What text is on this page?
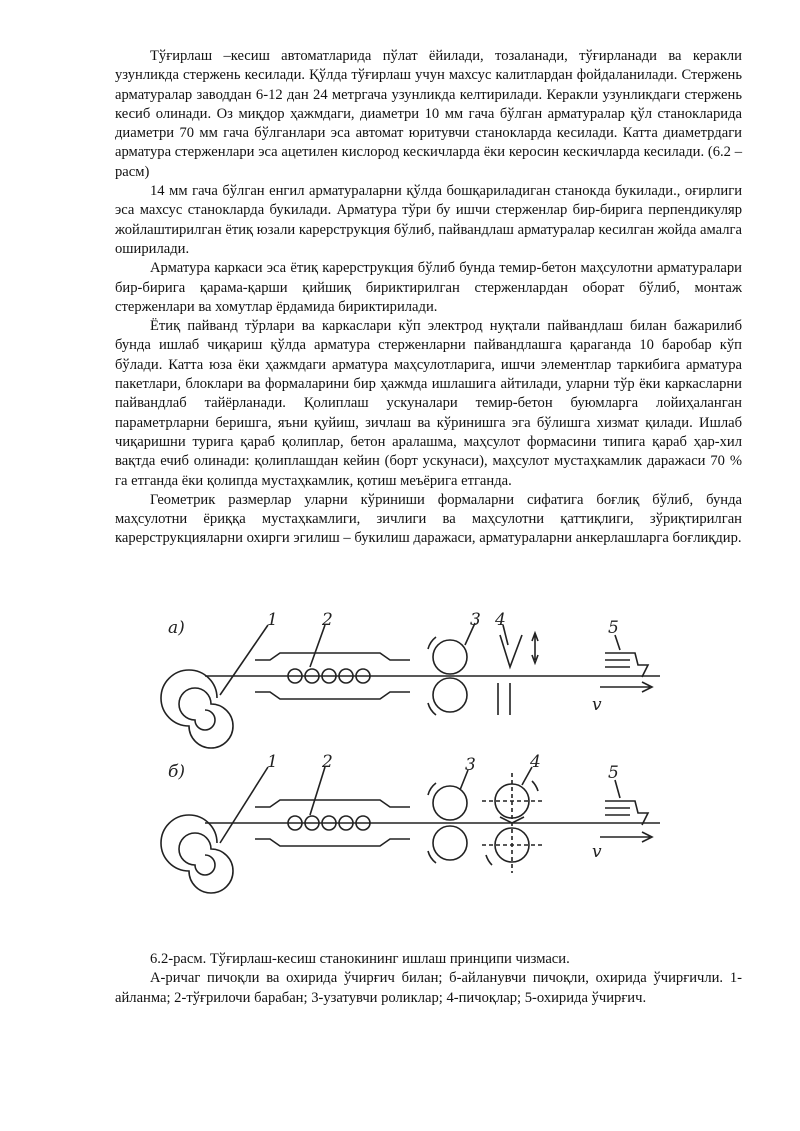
Тўғирлаш –кесиш автоматларида пўлат ёйилади, тозаланади, тўғирланади ва керакли узунликда стержень кесилади. Қўлда тўғирлаш учун махсус калитлардан фойдаланилади. Стержень арматуралар заводдан 6-12 дан 24 метргача узунликда келтирилади. Керакли узунликдаги стержень кесиб олинади. Оз миқдор ҳажмдаги, диаметри 10 мм гача бўлган арматуралар қўл станокларида диаметри 70 мм гача бўлганлари эса автомат юритувчи станокларда кесилади. Катта диаметрдаги арматура стерженлари эса ацетилен кислород кескичларда ёки керосин кескичларда кесилади. (6.2 – расм)

14 мм гача бўлган енгил арматураларни қўлда бошқариладиган станокда букилади., оғирлиги эса махсус станокларда букилади. Арматура тўри бу ишчи стерженлар бир-бирига перпендикуляр жойлаштирилган ётиқ юзали карерструкция бўлиб, пайвандлаш арматуралар кесилган жойда амалга оширилади.

Арматура каркаси эса ётиқ карерструкция бўлиб бунда темир-бетон маҳсулотни арматуралари бир-бирига қарама-қарши қийшиқ бириктирилган стерженлардан оборат бўлиб, монтаж стерженлари ва хомутлар ёрдамида бириктирилади.

Ётиқ пайванд тўрлари ва каркаслари кўп электрод нуқтали пайвандлаш билан бажарилиб бунда ишлаб чиқариш қўлда арматура стерженларни пайвандлашга қараганда 10 баробар кўп бўлади. Катта юза ёки ҳажмдаги арматура маҳсулотларига, ишчи элементлар таркибига арматура пакетлари, блоклари ва формаларини бир ҳажмда ишлашига айтилади, уларни тўр ёки каркасларни пайвандлаб тайёрланади. Қолиплаш ускуналари темир-бетон буюмларга лойиҳаланган параметрларни беришга, яъни қуйиш, зичлаш ва кўринишга эга бўлишга хизмат қилади. Ишлаб чиқаришни турига қараб қолиплар, бетон аралашма, маҳсулот формасини типига қараб ҳар-хил вақтда ечиб олинади: қолиплашдан кейин (борт ускунаси), маҳсулот мустаҳкамлик даражаси 70 % га етганда ёки қолипда мустаҳкамлик, қотиш меъёрига етганда.

Геометрик размерлар уларни кўриниши формаларни сифатига боғлиқ бўлиб, бунда маҳсулотни ёриққа мустаҳкамлиги, зичлиги ва маҳсулотни қаттиқлиги, зўриқтирилган карерструкцияларни охирги эгилиш – букилиш даражаси, арматураларни анкерлашларга боғлиқдир.

а)	1	2	3 4	5
v
б)	1	2	3	4
5
v

6.2-расм. Тўғирлаш-кесиш станокининг ишлаш принципи чизмаси.

А-ричаг пичоқли ва охирида ўчирғич билан; б-айланувчи пичоқли, охирида ўчирғичли. 1-айланма; 2-тўғрилочи барабан; 3-узатувчи роликлар; 4-пичоқлар; 5-охирида ўчирғич.
